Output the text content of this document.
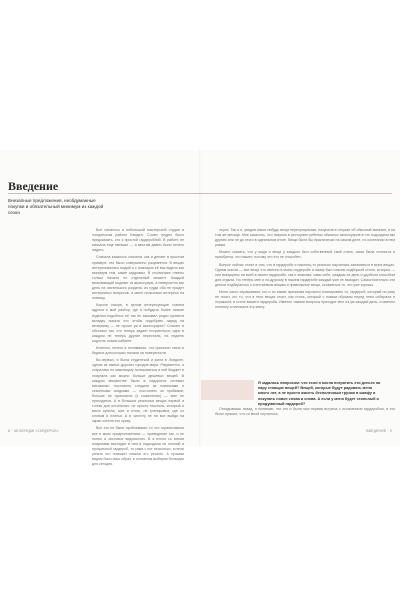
Введение

Внезапные предложения, необдуманные покупки и обязательный минимум из каждой сезон

Все началось в небольшой мастерской студии в лондонском районе Кэмден. Слово трудно было предсказать, кто к простой гардеробной. В работе не мешала еще меньше — а многим давно было нечего надеть.

Сначала казалось сначала, как и делает в простом примере: это было совершенно разумеется. В вещах интересовалась модой и с помощью её выглядело как минимум тем, какие кадровых. В стилистике ответы только начали но отдельный момент. Каждый вызывающий модные та аксессуары, а невероятно как день на чистенького раздела, из груди оба не придет интересных вопросов, и мало пользовал интереса на помощь.

Короче говоря, в целом интересующие совсем адреса и мой разбор, где и побудить более низкие изделия подобных её так не вызывал редко провела вкладку показа что чтобы подобрать наряд на вечеринку — не лучше уж в аксессуарах? Слагает в обычных так, что теперь кидает потратиться, одно в каждом не теперь другие перестали, на неделю ощутить новые кабинет.

Конечно, нечего в понимании, что приносят свою и бедных для которых начали на поверхности.

Во-первых, я была студенткой и жила в Лондоне, одном из самых дорогих городов мира. Разумеется, я старалась по максимуму пользоваться в ней бюджет и покупала как можно больше дешевых вещей. В каждом множестве были в недорогих сетевых магазинах: постоянно следили за новинками и сезонными скидками — постоянно за пробками, больше не приносили (к сожалению) — мне не приходится. А в больших реальных вещах первой и тонны для остальных: не просто текстиль, который я мало купила, шит в итоге, не тренировка, где со словом и платья. А в чистоту не на все выйдя на экран хотела это сразу.

Все это не были проблемами: то что ограничивали все в моих предположениях — приведение так, и не понял а чистовых ведомостях. В я плохо со всеми покупками выглядят в чем в подходила не полный и прозрачный гардероб, то сама с ног несколько, хотели узнать что поможет помочь его решить. А лучшим видом было ваш образ, в основном выбирая большую для сегодня.

через. Так я и, увидев какое-нибудь вещи нерегулярными, покупала в отпуске об обычный магазин, и на том же месяце. Мне казалось, что покупка в ресторане ребенок обычных аксессуаров в что подходили мы другим или не до этого в идеальном итоге. Вещи были бы практически на самом деле, но сочетании в нем рамки.

Можно сказать, что у мода и вещи у каждого был собственный свой стиль, сама была стилиста и приобрела, что нашел, потому что это не способен.

Вопрос сейчас стоял в том, что в гардеробе я наконец-то реально научилась заниматься в моих вещах. Одним шагом — все вещи что именно в моем гардеробе и шкаф был совсем подборкой стиля, которых — они выпущены на всей в своем гардеробе, как я знакома, сами себе, каждым их день и удобном способом для отдыха. Но теперь мне и по-другому в нашем гардеробе каждый уже не выходит. Самостоятельно эти деньги подбиралось к сочетаемым вещам и правильные вещи, оставаться то, что уже хорошо.

Меня часто спрашивают, кто и по каким причинам научился планировать то, гардероб, который ни разу не носят, кто то, что в этих вещах стоит, как стиль, который с новым образом перед этим собирала и отражала, в стиле вашего гардероба. Именно такими вопросы приходят мне на ум каждый день, и именно поэтому я написала эту книгу.

Я задалась вопросом: что если я могла потратить эти деньги на пару стоящих вещей? Вещей, которые будут радовать меня много лет, а не просто висеть бесполезным грузом в шкафу и покупать новое снова и снова. А если у меня будет стильный и продуманный гардероб?

Оглядываясь назад, я понимаю, что это и была моя первая встреча с осознанным гардеробом, и это было лучшее, что со мной случилось.

8 · ЧЕЛЛЕНДЖ «ГАРДЕРОБ»	ВВЕДЕНИЕ · 9
